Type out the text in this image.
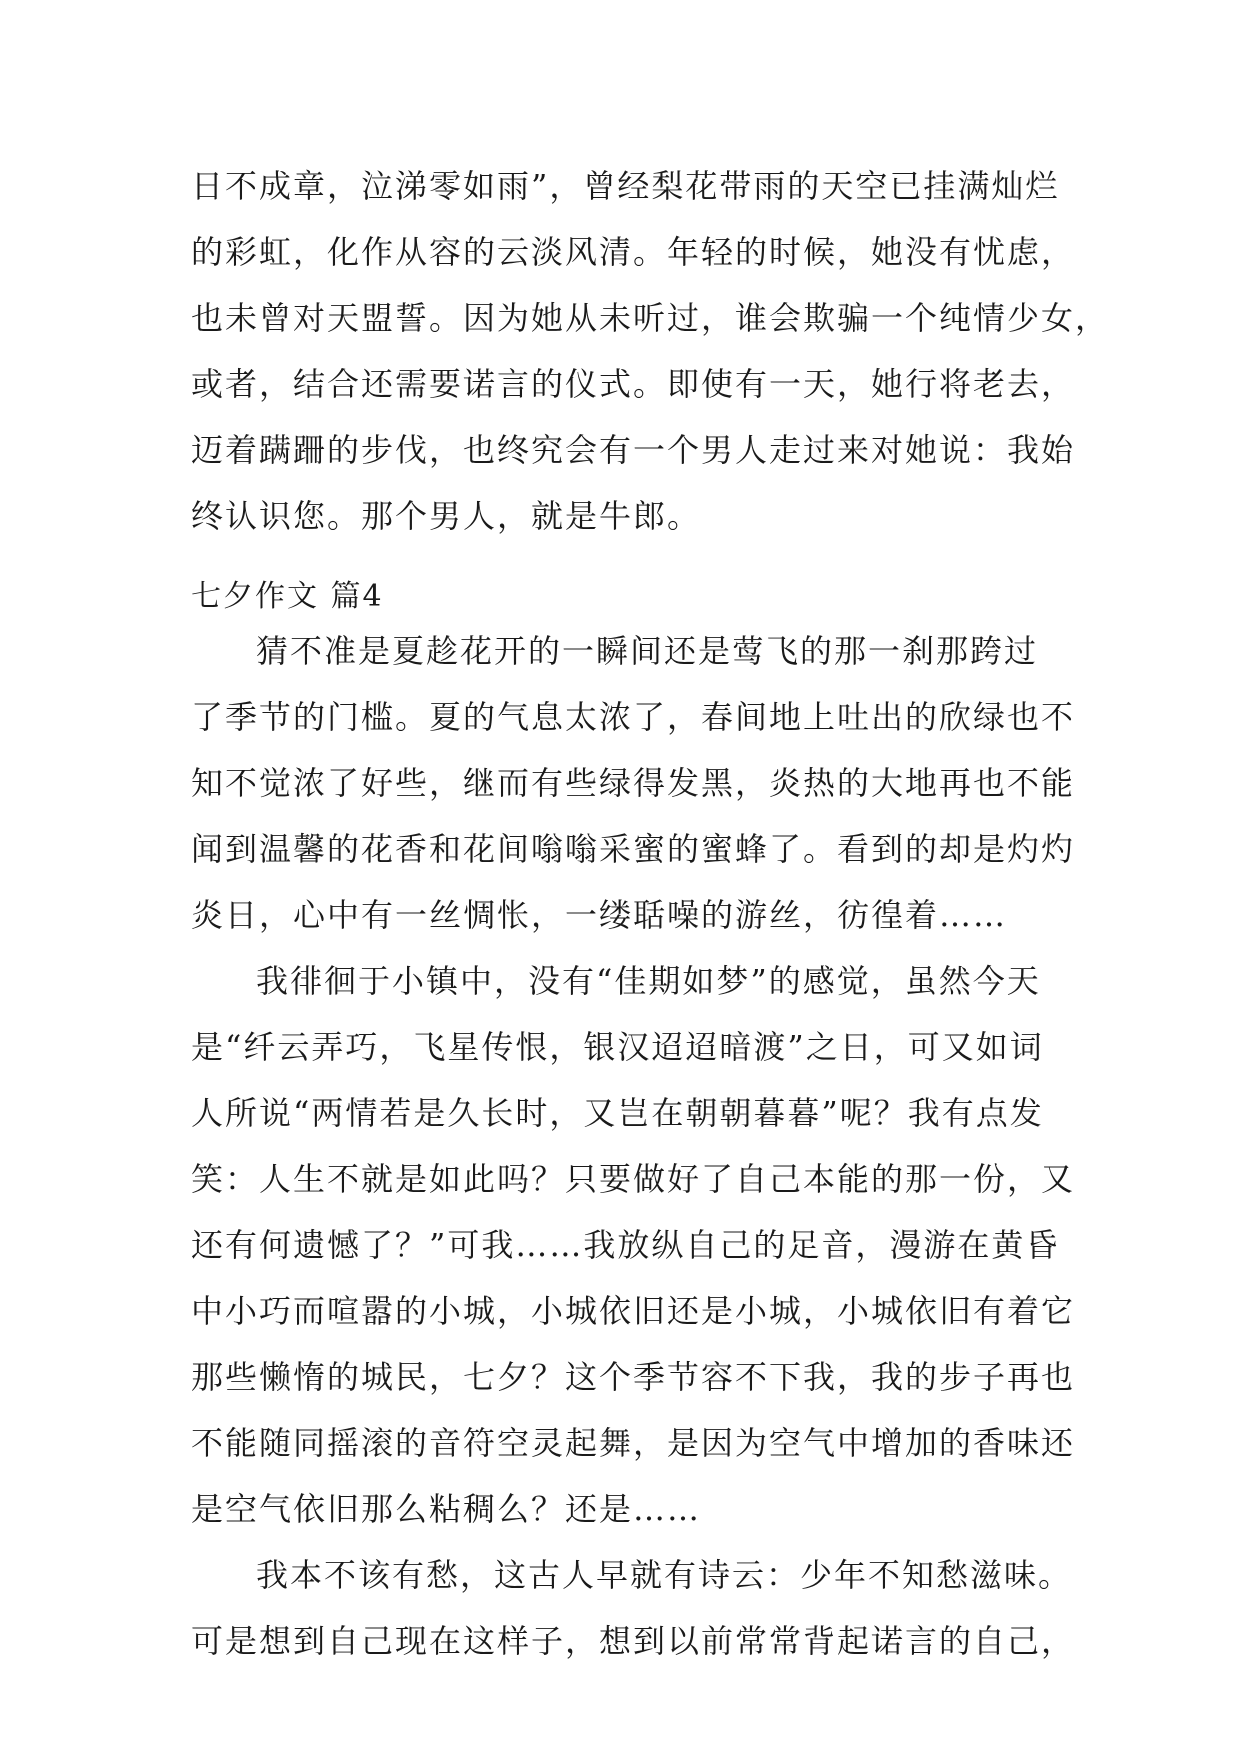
日不成章，泣涕零如雨”，曾经梨花带雨的天空已挂满灿烂
的彩虹，化作从容的云淡风清。年轻的时候，她没有忧虑，
也未曾对天盟誓。因为她从未听过，谁会欺骗一个纯情少女，
或者，结合还需要诺言的仪式。即使有一天，她行将老去，
迈着蹒跚的步伐，也终究会有一个男人走过来对她说：我始
终认识您。那个男人，就是牛郎。
七夕作文 篇4
猜不准是夏趁花开的一瞬间还是莺飞的那一刹那跨过
了季节的门槛。夏的气息太浓了，春间地上吐出的欣绿也不
知不觉浓了好些，继而有些绿得发黑，炎热的大地再也不能
闻到温馨的花香和花间嗡嗡采蜜的蜜蜂了。看到的却是灼灼
炎日，心中有一丝惆怅，一缕聒噪的游丝，彷徨着……
我徘徊于小镇中，没有“佳期如梦”的感觉，虽然今天
是“纤云弄巧，飞星传恨，银汉迢迢暗渡”之日，可又如词
人所说“两情若是久长时，又岂在朝朝暮暮”呢？我有点发
笑：人生不就是如此吗？只要做好了自己本能的那一份，又
还有何遗憾了？”可我……我放纵自己的足音，漫游在黄昏
中小巧而喧嚣的小城，小城依旧还是小城，小城依旧有着它
那些懒惰的城民，七夕？这个季节容不下我，我的步子再也
不能随同摇滚的音符空灵起舞，是因为空气中增加的香味还
是空气依旧那么粘稠么？还是……
我本不该有愁，这古人早就有诗云：少年不知愁滋味。
可是想到自己现在这样子，想到以前常常背起诺言的自己，
